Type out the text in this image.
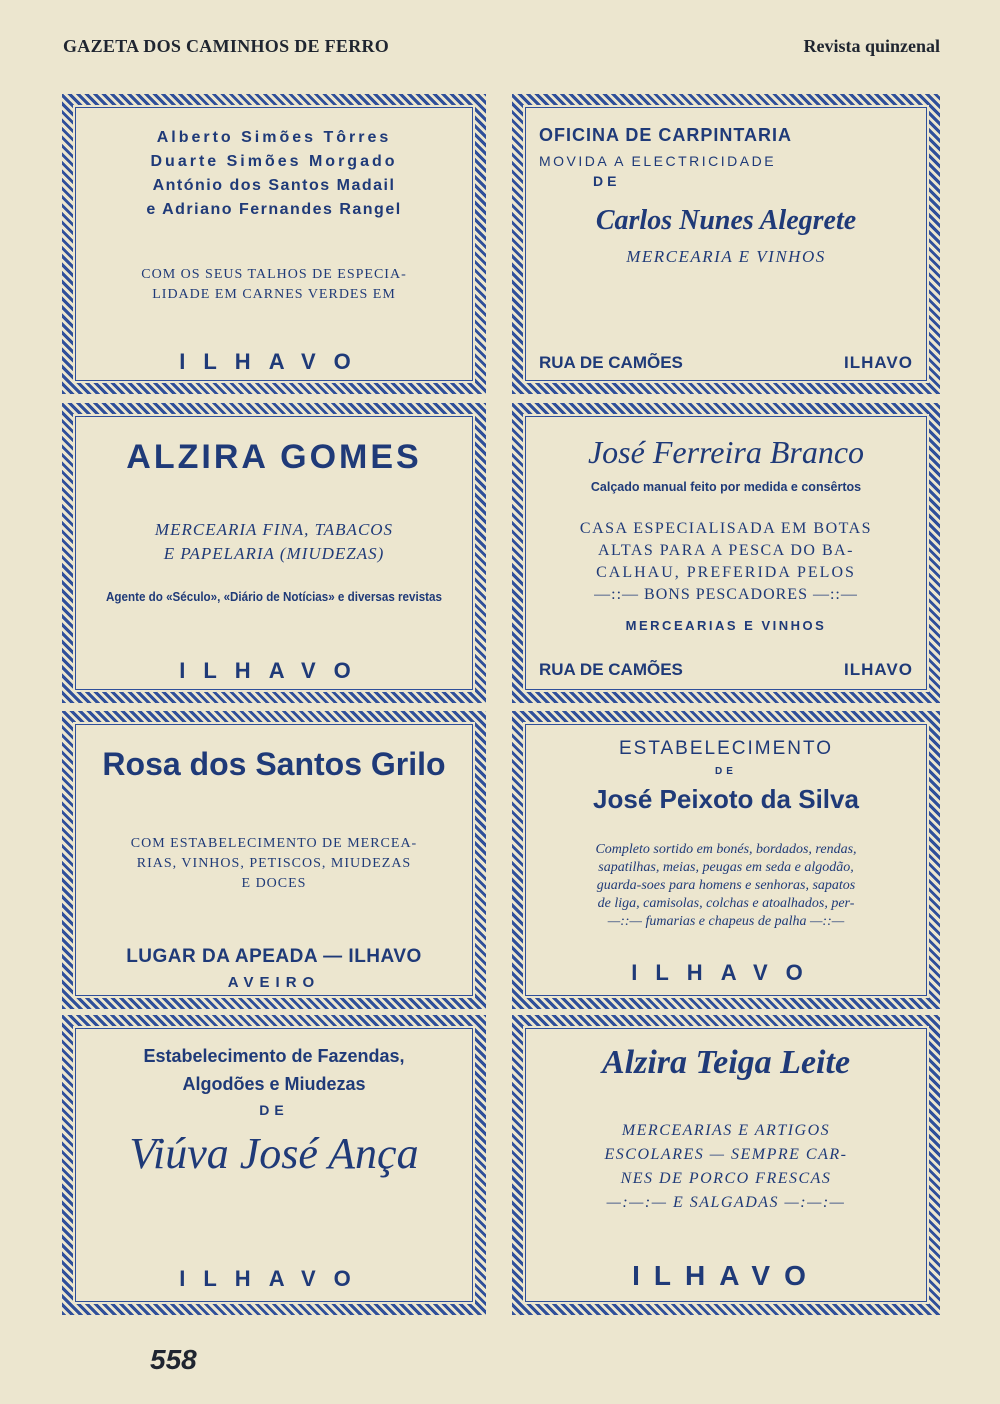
GAZETA DOS CAMINHOS DE FERRO	Revista quinzenal
Alberto Simões Tôrres
Duarte Simões Morgado
António dos Santos Madail
e Adriano Fernandes Rangel
COM OS SEUS TALHOS DE ESPECIA-
LIDADE EM CARNES VERDES EM
ILHAVO
OFICINA DE CARPINTARIA
MOVIDA A ELECTRICIDADE
DE
Carlos Nunes Alegrete
MERCEARIA E VINHOS
RUA DE CAMÕES	ILHAVO
ALZIRA GOMES
MERCEARIA FINA, TABACOS
E PAPELARIA (MIUDEZAS)
Agente do «Século», «Diário de Notícias» e diversas revistas
ILHAVO
José Ferreira Branco
Calçado manual feito por medida e consêrtos
CASA ESPECIALISADA EM BOTAS
ALTAS PARA A PESCA DO BA-
CALHAU, PREFERIDA PELOS
—::— BONS PESCADORES —::—
MERCEARIAS E VINHOS
RUA DE CAMÕES	ILHAVO
Rosa dos Santos Grilo
COM ESTABELECIMENTO DE MERCEA-
RIAS, VINHOS, PETISCOS, MIUDEZAS
E DOCES
LUGAR DA APEADA — ILHAVO
AVEIRO
ESTABELECIMENTO
DE
José Peixoto da Silva
Completo sortido em bonés, bordados, rendas,
sapatilhas, meias, peugas em seda e algodão,
guarda-soes para homens e senhoras, sapatos
de liga, camisolas, colchas e atoalhados, per-
—::— fumarias e chapeus de palha —::—
ILHAVO
Estabelecimento de Fazendas,
Algodões e Miudezas
DE
Viúva José Ança
ILHAVO
Alzira Teiga Leite
MERCEARIAS E ARTIGOS
ESCOLARES — SEMPRE CAR-
NES DE PORCO FRESCAS
—:—:— E SALGADAS —:—:—
ILHAVO
558
